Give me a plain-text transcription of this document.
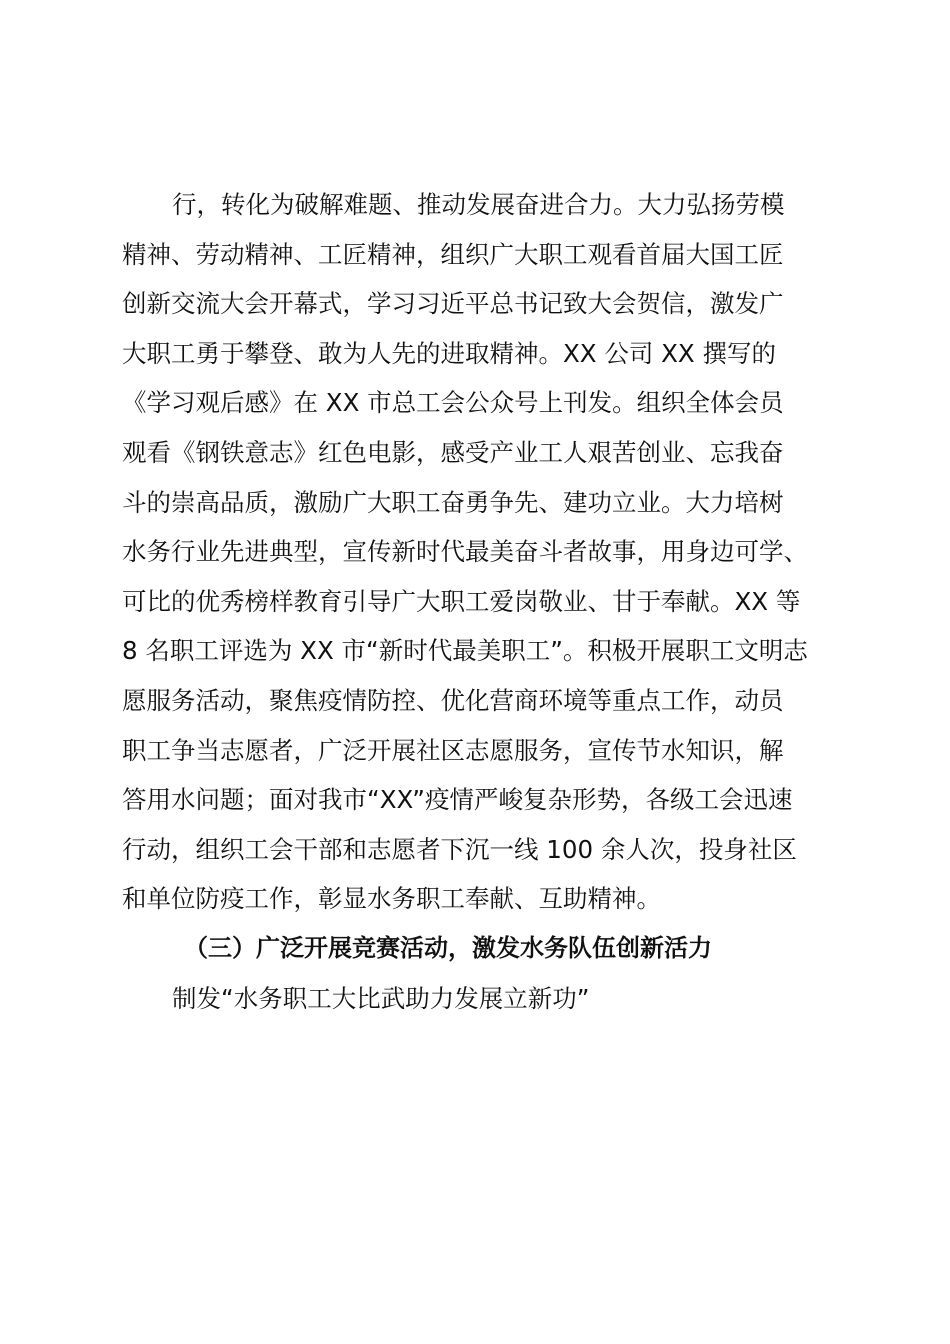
行，转化为破解难题、推动发展奋进合力。大力弘扬劳模
精神、劳动精神、工匠精神，组织广大职工观看首届大国工匠
创新交流大会开幕式，学习习近平总书记致大会贺信，激发广
大职工勇于攀登、敢为人先的进取精神。XX 公司 XX 撰写的
《学习观后感》在 XX 市总工会公众号上刊发。组织全体会员
观看《钢铁意志》红色电影，感受产业工人艰苦创业、忘我奋
斗的崇高品质，激励广大职工奋勇争先、建功立业。大力培树
水务行业先进典型，宣传新时代最美奋斗者故事，用身边可学、
可比的优秀榜样教育引导广大职工爱岗敬业、甘于奉献。XX 等
8 名职工评选为 XX 市“新时代最美职工”。积极开展职工文明志
愿服务活动，聚焦疫情防控、优化营商环境等重点工作，动员
职工争当志愿者，广泛开展社区志愿服务，宣传节水知识，解
答用水问题；面对我市“XX”疫情严峻复杂形势，各级工会迅速
行动，组织工会干部和志愿者下沉一线 100 余人次，投身社区
和单位防疫工作，彰显水务职工奉献、互助精神。
（三）广泛开展竞赛活动，激发水务队伍创新活力
制发“水务职工大比武助力发展立新功”
